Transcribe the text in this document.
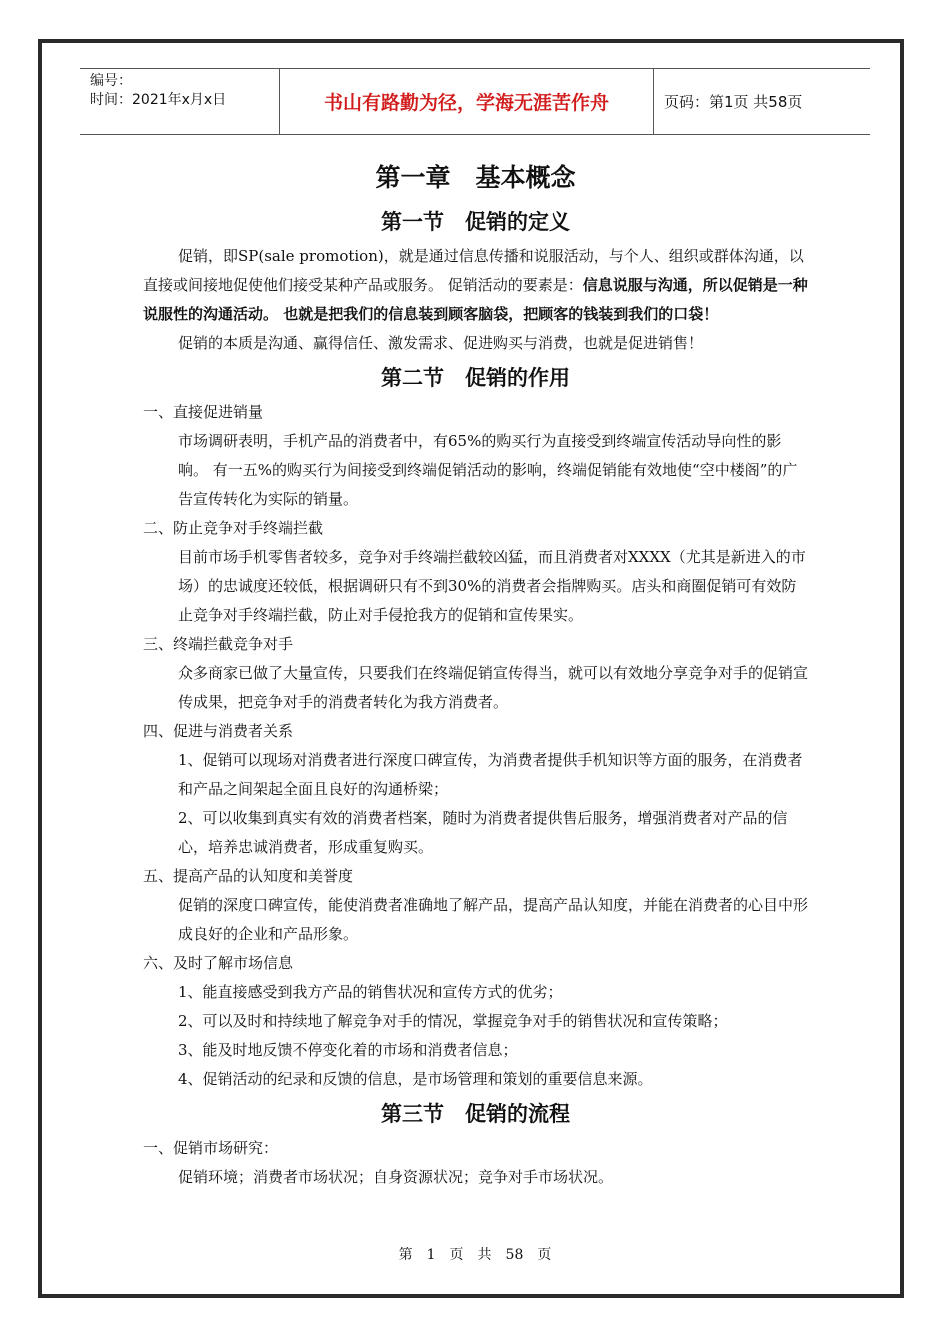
编号：
时间：2021年x月x日	书山有路勤为径，学海无涯苦作舟	页码：第1页 共58页
第一章　基本概念
第一节　促销的定义

促销，即SP(sale promotion)，就是通过信息传播和说服活动，与个人、组织或群体沟通，以直接或间接地促使他们接受某种产品或服务。 促销活动的要素是：信息说服与沟通，所以促销是一种说服性的沟通活动。 也就是把我们的信息装到顾客脑袋，把顾客的钱装到我们的口袋！

促销的本质是沟通、赢得信任、激发需求、促进购买与消费，也就是促进销售！

第二节　促销的作用

一、直接促进销量

市场调研表明，手机产品的消费者中，有65%的购买行为直接受到终端宣传活动导向性的影响。 有一五%的购买行为间接受到终端促销活动的影响，终端促销能有效地使“空中楼阁”的广告宣传转化为实际的销量。

二、防止竞争对手终端拦截

目前市场手机零售者较多，竞争对手终端拦截较凶猛，而且消费者对XXXX（尤其是新进入的市场）的忠诚度还较低，根据调研只有不到30%的消费者会指牌购买。店头和商圈促销可有效防止竞争对手终端拦截，防止对手侵抢我方的促销和宣传果实。

三、终端拦截竞争对手

众多商家已做了大量宣传，只要我们在终端促销宣传得当，就可以有效地分享竞争对手的促销宣传成果，把竞争对手的消费者转化为我方消费者。

四、促进与消费者关系

1、促销可以现场对消费者进行深度口碑宣传，为消费者提供手机知识等方面的服务，在消费者和产品之间架起全面且良好的沟通桥梁；

2、可以收集到真实有效的消费者档案，随时为消费者提供售后服务，增强消费者对产品的信心，培养忠诚消费者，形成重复购买。

五、提高产品的认知度和美誉度

促销的深度口碑宣传，能使消费者准确地了解产品，提高产品认知度，并能在消费者的心目中形成良好的企业和产品形象。

六、及时了解市场信息

1、能直接感受到我方产品的销售状况和宣传方式的优劣；

2、可以及时和持续地了解竞争对手的情况，掌握竞争对手的销售状况和宣传策略；

3、能及时地反馈不停变化着的市场和消费者信息；

4、促销活动的纪录和反馈的信息，是市场管理和策划的重要信息来源。

第三节　促销的流程

一、促销市场研究：

促销环境；消费者市场状况；自身资源状况；竞争对手市场状况。

第　1　页　共　58　页
